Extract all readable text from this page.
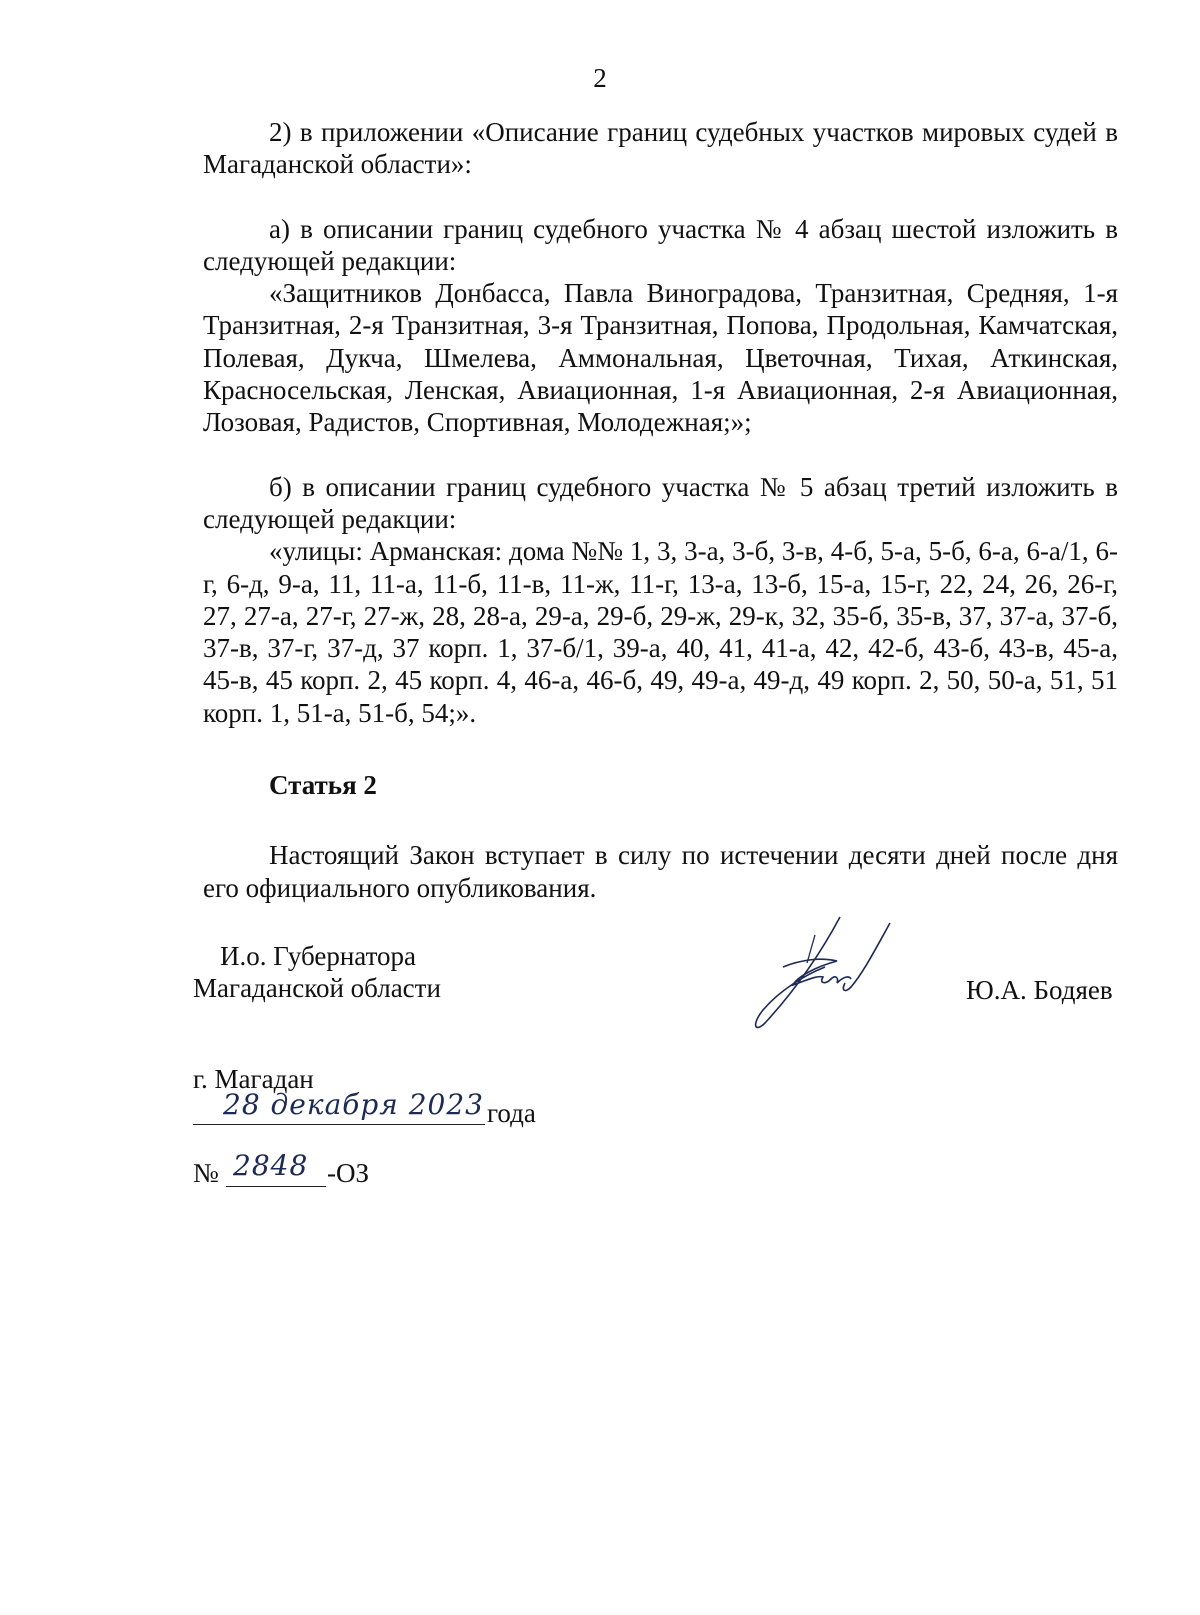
2

2) в приложении «Описание границ судебных участков мировых судей в Магаданской области»:

а) в описании границ судебного участка № 4 абзац шестой изложить в следующей редакции:

«Защитников Донбасса, Павла Виноградова, Транзитная, Средняя, 1-я Транзитная, 2-я Транзитная, 3-я Транзитная, Попова, Продольная, Камчатская, Полевая, Дукча, Шмелева, Аммональная, Цветочная, Тихая, Аткинская, Красносельская, Ленская, Авиационная, 1-я Авиационная, 2-я Авиационная, Лозовая, Радистов, Спортивная, Молодежная;»;

б) в описании границ судебного участка № 5 абзац третий изложить в следующей редакции:

«улицы: Арманская: дома №№ 1, 3, 3-а, 3-б, 3-в, 4-б, 5-а, 5-б, 6-а, 6-а/1, 6-г, 6-д, 9-а, 11, 11-а, 11-б, 11-в, 11-ж, 11-г, 13-а, 13-б, 15-а, 15-г, 22, 24, 26, 26-г, 27, 27-а, 27-г, 27-ж, 28, 28-а, 29-а, 29-б, 29-ж, 29-к, 32, 35-б, 35-в, 37, 37-а, 37-б, 37-в, 37-г, 37-д, 37 корп. 1, 37-б/1, 39-а, 40, 41, 41-а, 42, 42-б, 43-б, 43-в, 45-а, 45-в, 45 корп. 2, 45 корп. 4, 46-а, 46-б, 49, 49-а, 49-д, 49 корп. 2, 50, 50-а, 51, 51 корп. 1, 51-а, 51-б, 54;».

Статья 2

Настоящий Закон вступает в силу по истечении десяти дней после дня его официального опубликования.

И.о. Губернатора
Магаданской области	Ю.А. Бодяев
г. Магадан
28 декабря 2023 года
№ 2848 -ОЗ
